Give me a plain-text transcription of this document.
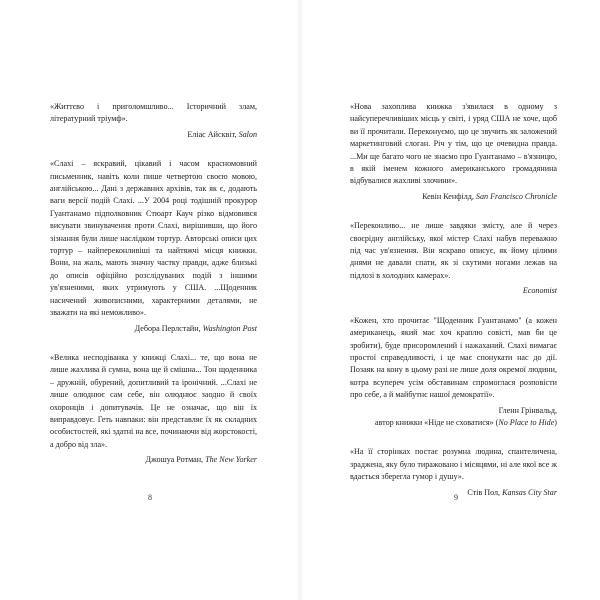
«Життєво і приголомшливо... Історичний злам, літературний тріумф».

Еліас Айсквіт, Salon

«Слахі – яскравий, цікавий і часом красномовний письменник, навіть коли пише четвертою своєю мовою, англійською... Дані з державних архівів, так як є, додають ваги версії подій Слахі. ...У 2004 році тодішній прокурор Гуантанамо підполковник Стюарт Кауч різко відмовився висувати звинувачення проти Слахі, вирішивши, що його зізнання були лише наслідком тортур. Авторські описи цих тортур – найпереконливіші та найтяжчі місця книжки. Вони, на жаль, мають значну частку правди, адже близькі до описів офіційно розслідуваних подій з іншими ув'язненими, яких утримують у США. ...Щоденник насичений живописними, характерними деталями, не зважати на які неможливо».

Дебора Перлстайн, Washington Post

«Велика несподіванка у книжці Слахі... те, що вона не лише жахлива й сумна, вона ще й смішна... Тон щоденника – дружній, обурений, допитливий та іронічний. ...Слахі не лише олюднює сам себе, він олюднює заодно й своїх охоронців і допитувачів. Це не означає, що він їх виправдовує. Геть навпаки: він представляє їх як складних особистостей, які здатні на все, починаючи від жорстокості, а добро від зла».

Джошуа Ротман, The New Yorker

8

«Нова захоплива книжка з'явилася в одному з найсуперечливіших місць у світі, і уряд США не хоче, щоб ви її прочитали. Переконуємо, що це звучить як заложений маркетинговий слоган. Річ у тім, що це очевидна правда. ...Ми ще багато чого не знаємо про Гуантанамо – в'язницю, в якій іменем кожного американського громадянина відбувалися жахливі злочини».

Кевін Кенфілд, San Francisco Chronicle

«Переконливо... не лише завдяки змісту, але й через своєрідну англійську, якої містер Слахі набув переважно під час ув'язнення. Він яскраво описує, як йому цілими днями не давали спати, як зі скутими ногами лежав на підлозі в холодних камерах».

Economist

«Кожен, хто прочитає "Щоденник Гуантанамо" (а кожен американець, який має хоч краплю совісті, мав би це зробити), буде присоромлений і нажаханий. Слахі вимагає простої справедливості, і це має спонукати нас до дії. Позаяк на кону в цьому разі не лише доля окремої людини, котра всупереч усім обставинам спромоглася розповісти про себе, а й майбутнє нашої демократії».

Гленн Грінвальд,
автор книжки «Ніде не сховатися» (No Place to Hide)

«На її сторінках постає розумна людина, спантеличена, зраджена, яку було тиражовано і місяцями, ні але якої все ж вдається зберегла гумор і душу».

Стів Пол, Kansas City Star

9
